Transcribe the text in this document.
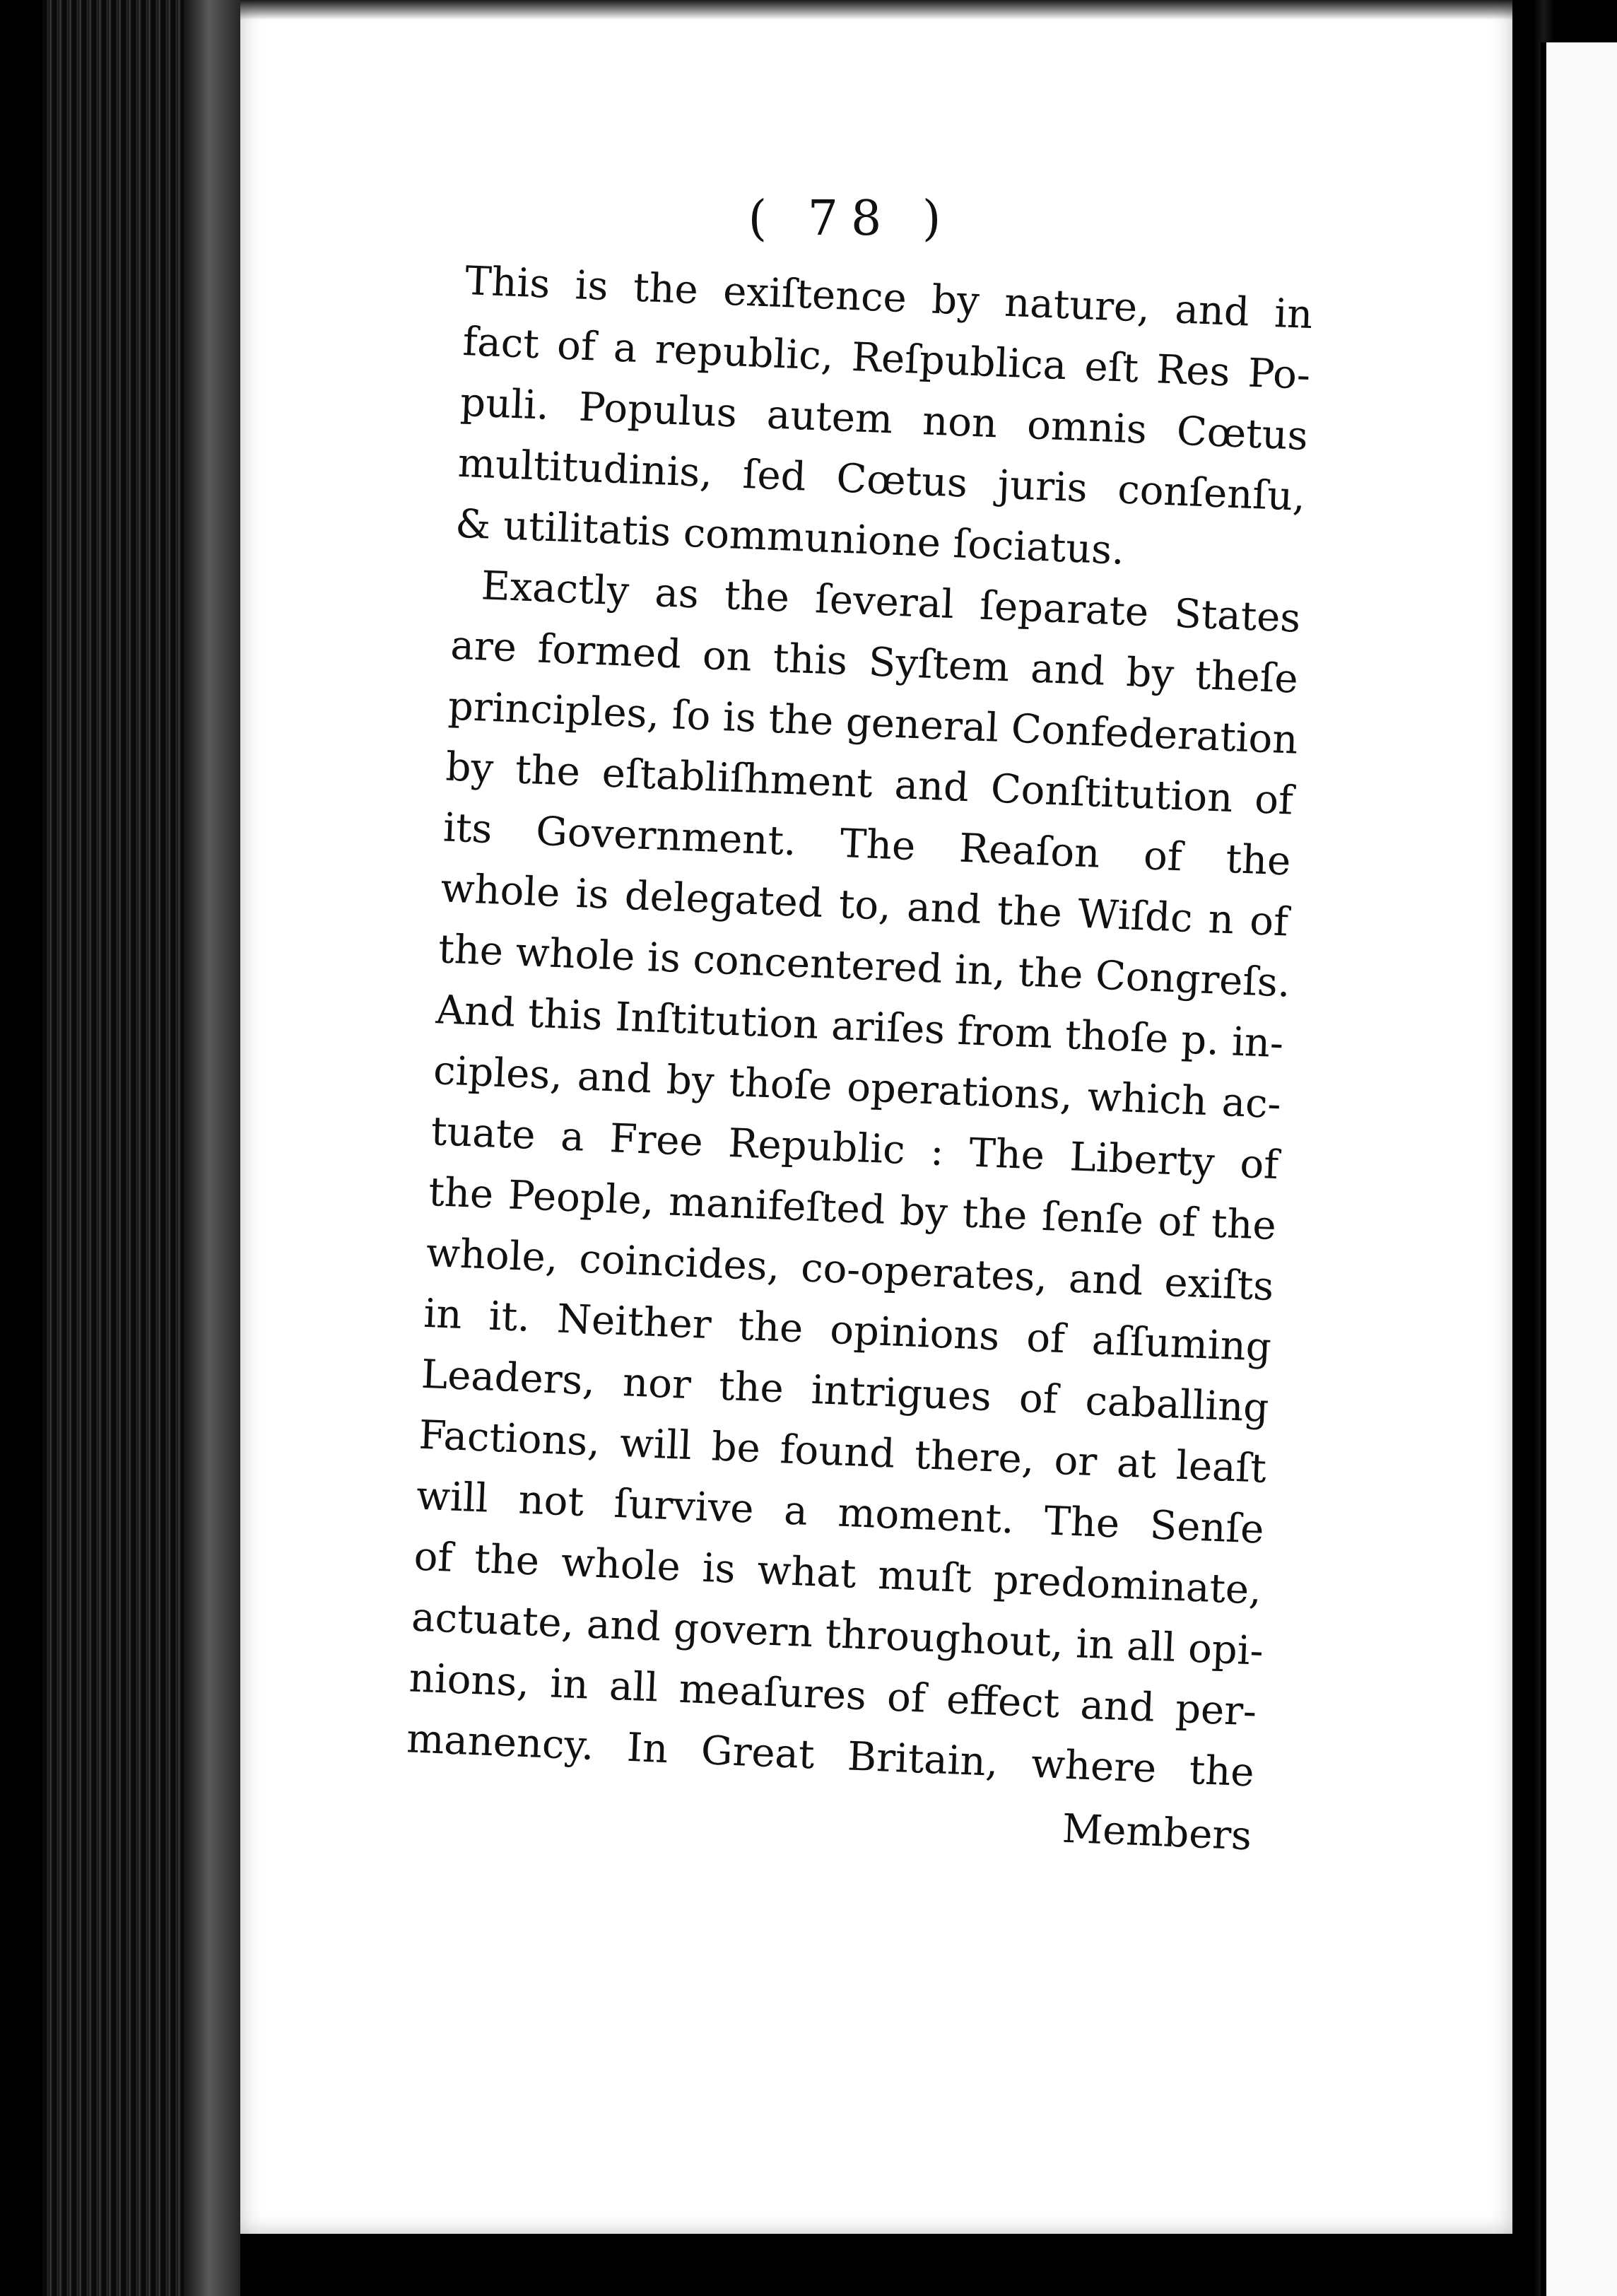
( 78 )
This is the exiſtence by nature, and in
fact of a republic, Reſpublica eſt Res Po-
puli. Populus autem non omnis Cœtus
multitudinis, ſed Cœtus juris conſenſu,
& utilitatis communione ſociatus.
Exactly as the ſeveral ſeparate States
are formed on this Syſtem and by theſe
principles, ſo is the general Confederation
by the eſtabliſhment and Conſtitution of
its Government. The Reaſon of the
whole is delegated to, and the Wiſdc n of
the whole is concentered in, the Congreſs.
And this Inſtitution ariſes from thoſe p. in-
ciples, and by thoſe operations, which ac-
tuate a Free Republic : The Liberty of
the People, manifeſted by the ſenſe of the
whole, coincides, co-operates, and exiſts
in it. Neither the opinions of aſſuming
Leaders, nor the intrigues of caballing
Factions, will be found there, or at leaſt
will not ſurvive a moment. The Senſe
of the whole is what muſt predominate,
actuate, and govern throughout, in all opi-
nions, in all meaſures of effect and per-
manency. In Great Britain, where the
Members
